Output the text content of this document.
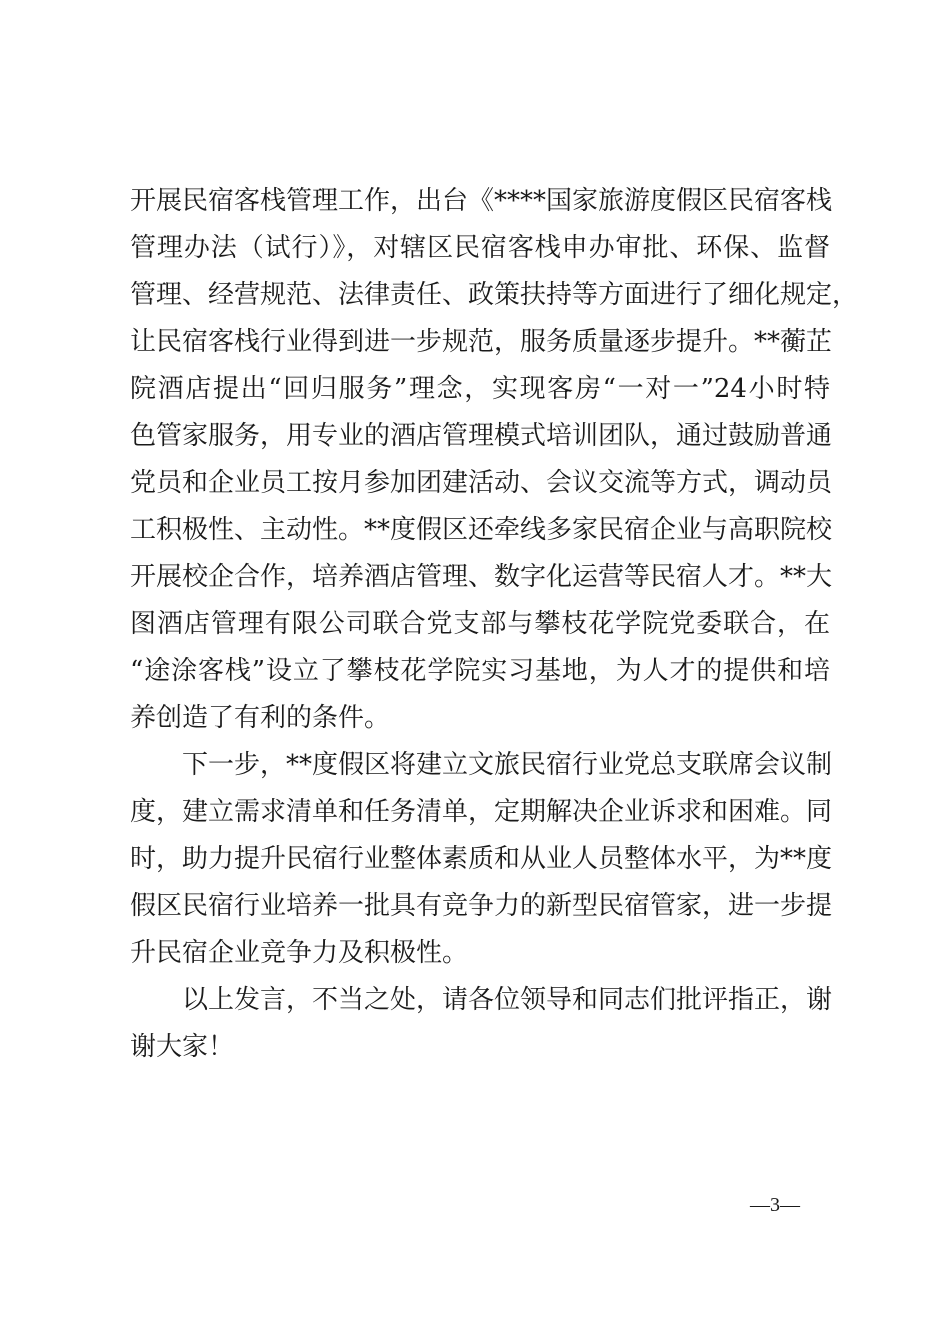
开展民宿客栈管理工作，出台《****国家旅游度假区民宿客栈
管理办法（试行）》，对辖区民宿客栈申办审批、环保、监督
管理、经营规范、法律责任、政策扶持等方面进行了细化规定，
让民宿客栈行业得到进一步规范，服务质量逐步提升。**蘅芷
院酒店提出“回归服务”理念，实现客房“一对一”24小时特
色管家服务，用专业的酒店管理模式培训团队，通过鼓励普通
党员和企业员工按月参加团建活动、会议交流等方式，调动员
工积极性、主动性。**度假区还牵线多家民宿企业与高职院校
开展校企合作，培养酒店管理、数字化运营等民宿人才。**大
图酒店管理有限公司联合党支部与攀枝花学院党委联合，在
“途涂客栈”设立了攀枝花学院实习基地，为人才的提供和培
养创造了有利的条件。
　　下一步，**度假区将建立文旅民宿行业党总支联席会议制
度，建立需求清单和任务清单，定期解决企业诉求和困难。同
时，助力提升民宿行业整体素质和从业人员整体水平，为**度
假区民宿行业培养一批具有竞争力的新型民宿管家，进一步提
升民宿企业竞争力及积极性。
　　以上发言，不当之处，请各位领导和同志们批评指正，谢
谢大家！
—3—
